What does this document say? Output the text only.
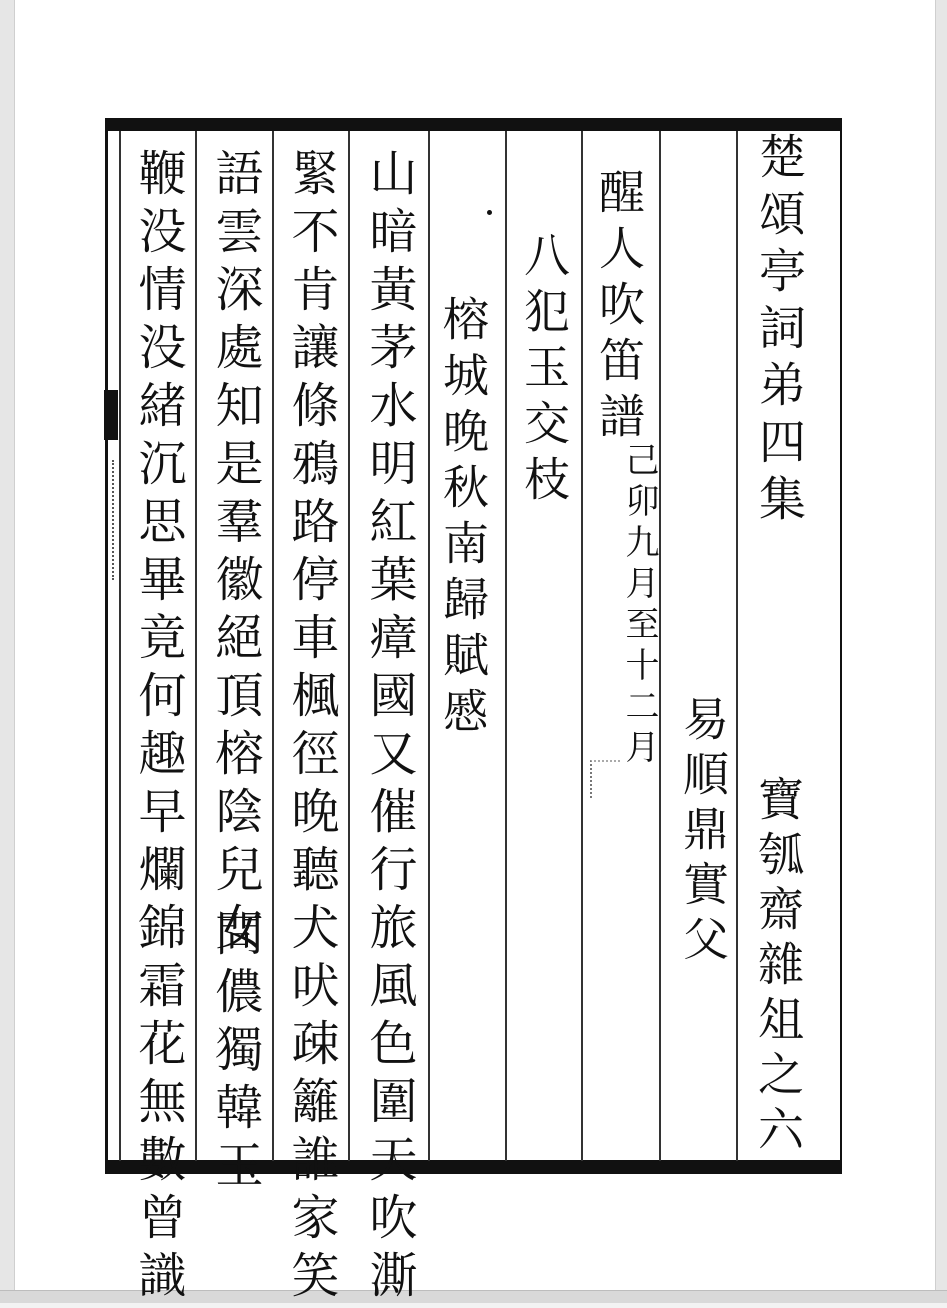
楚頌亭詞弟四集
寶瓠齋雜俎之六
易順鼎實父
醒人吹笛譜
己卯九月至十二月
八犯玉交枝
榕城晚秋南歸賦慼
山暗黃茅水明紅葉瘴國又催行旅風色圍天吹澌
緊不肯讓條鴉路停車楓徑晚聽犬吠疎籬誰家笑
語雲深處知是羣徽絕頂榕陰兒女
問儂獨韓玉
鞭没情没緒沉思畢竟何趣早爛錦霜花無數曾識
